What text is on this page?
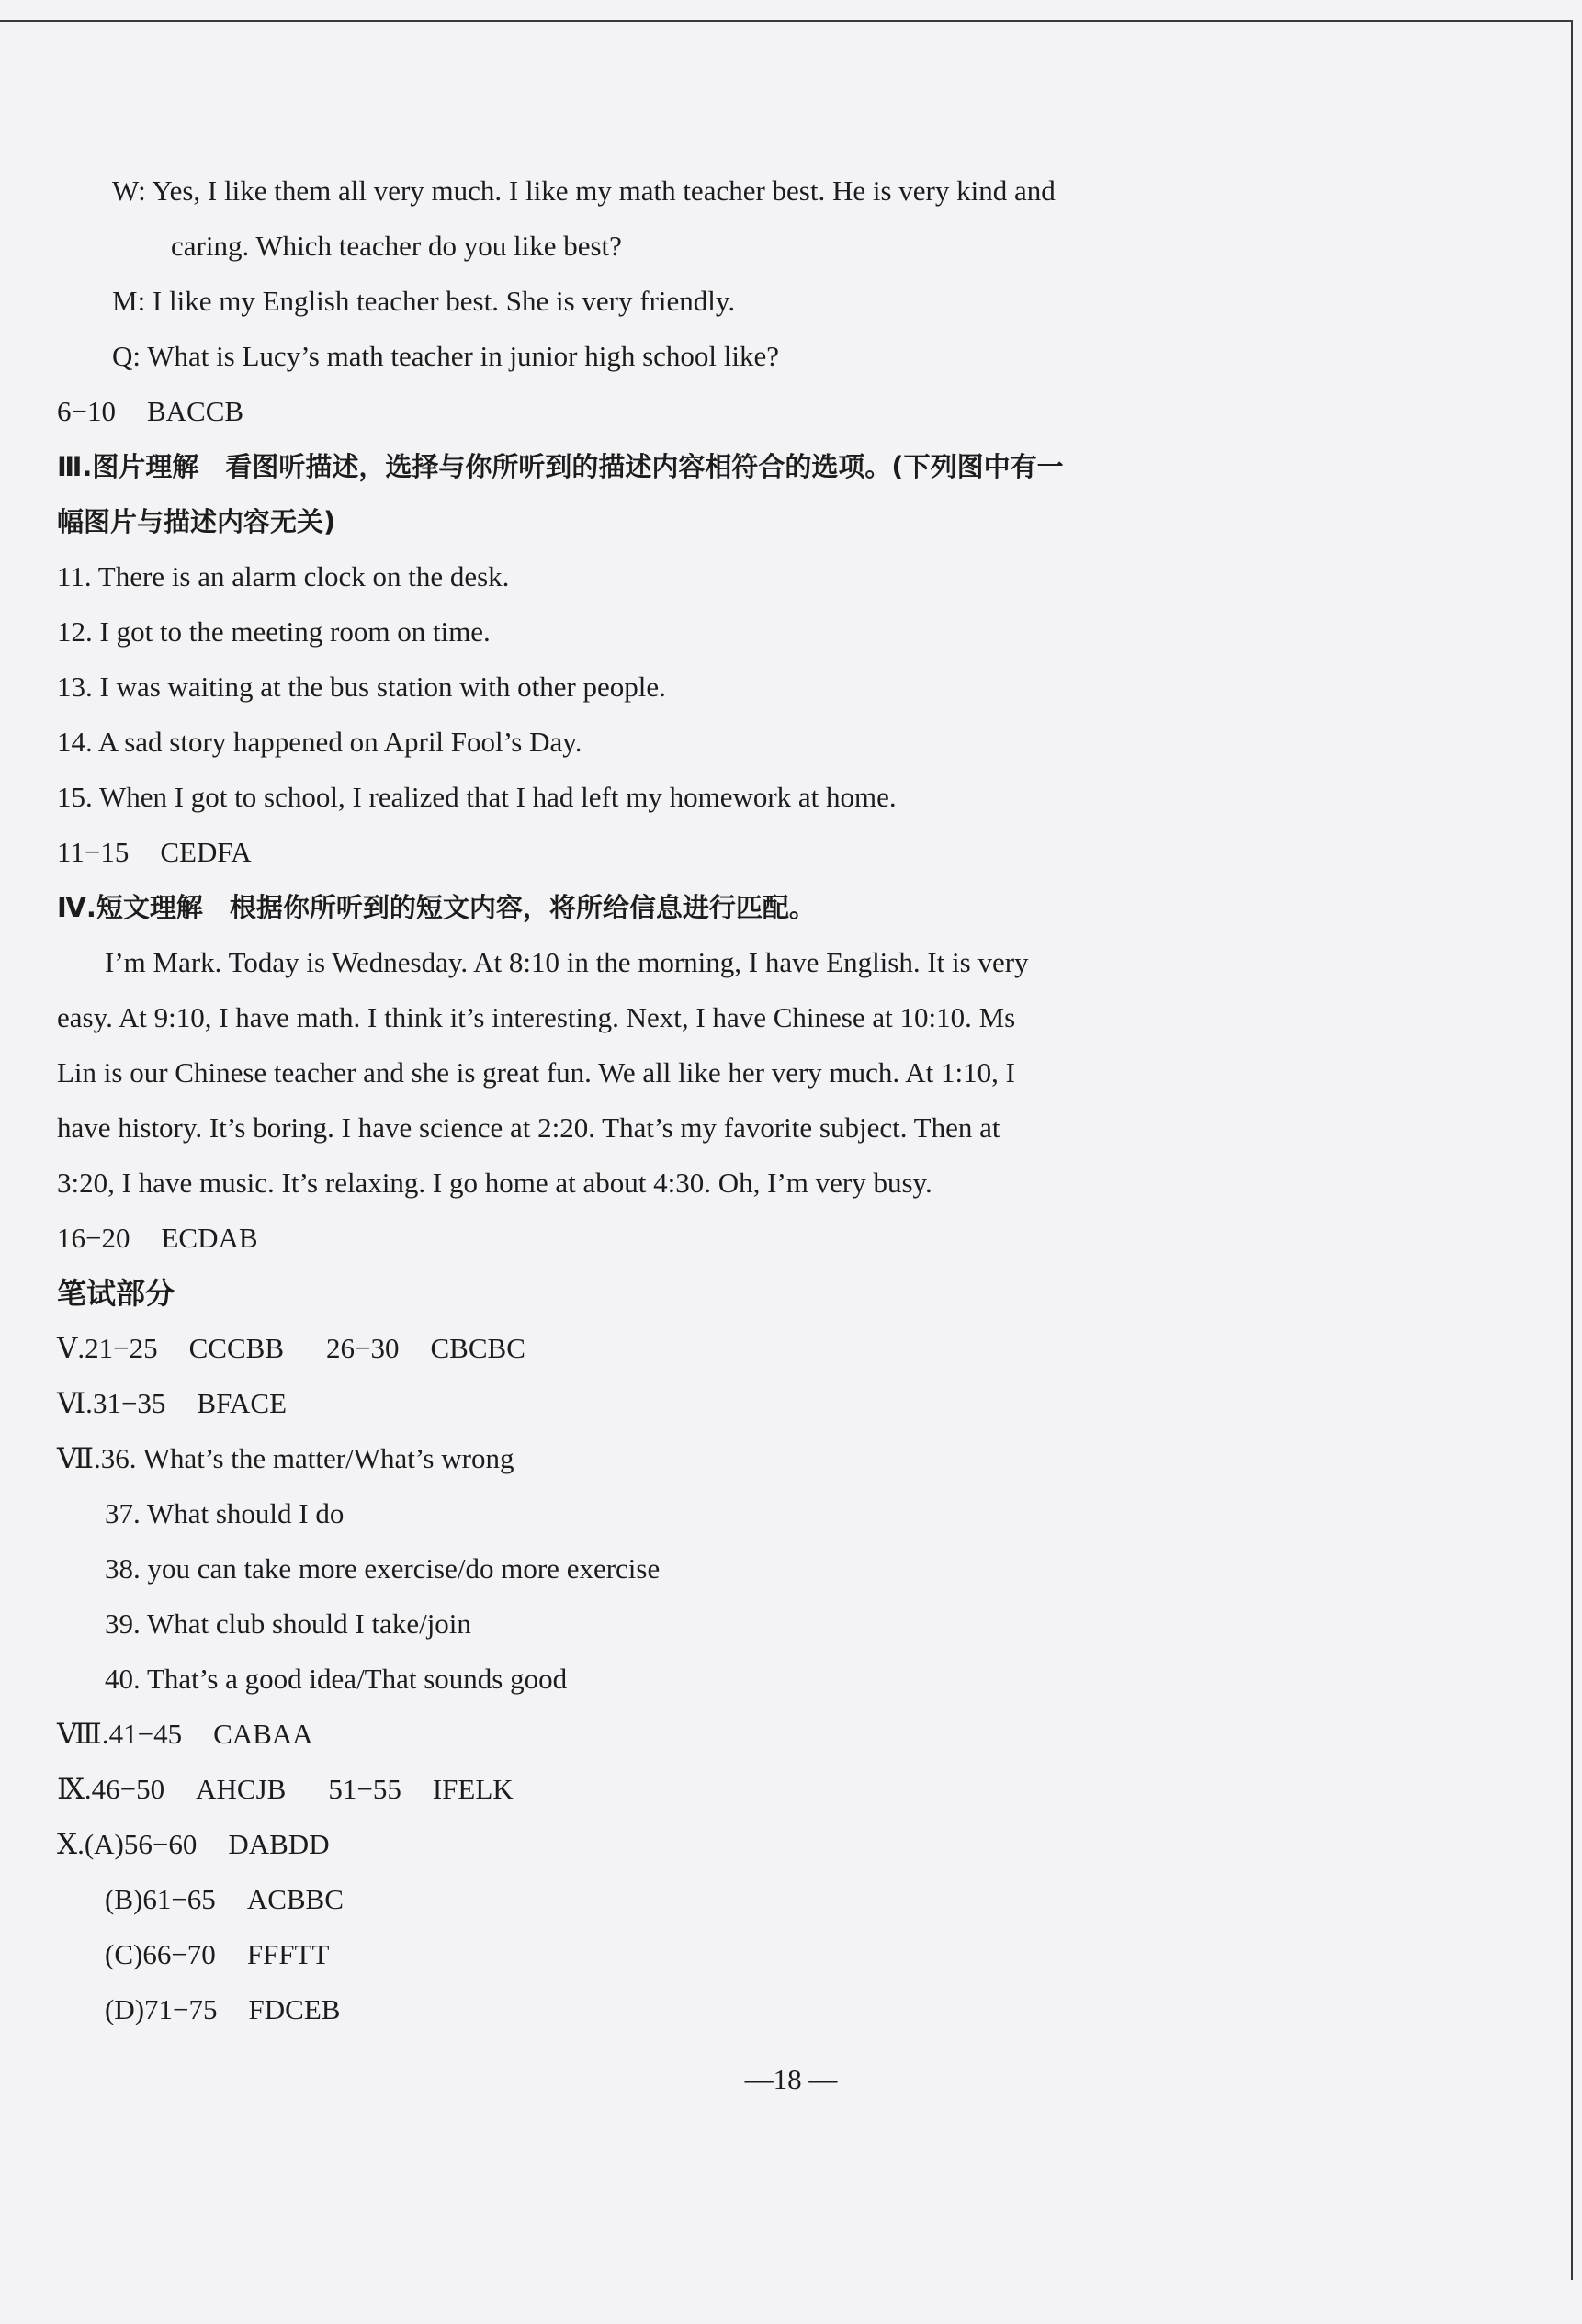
W: Yes, I like them all very much. I like my math teacher best. He is very kind and
caring. Which teacher do you like best?
M: I like my English teacher best. She is very friendly.
Q: What is Lucy’s math teacher in junior high school like?
6−10 BACCB
Ⅲ.图片理解　看图听描述，选择与你所听到的描述内容相符合的选项。(下列图中有一
幅图片与描述内容无关)
11. There is an alarm clock on the desk.
12. I got to the meeting room on time.
13. I was waiting at the bus station with other people.
14. A sad story happened on April Fool’s Day.
15. When I got to school, I realized that I had left my homework at home.
11−15 CEDFA
Ⅳ.短文理解　根据你所听到的短文内容，将所给信息进行匹配。
I’m Mark. Today is Wednesday. At 8:10 in the morning, I have English. It is very
easy. At 9:10, I have math. I think it’s interesting. Next, I have Chinese at 10:10. Ms
Lin is our Chinese teacher and she is great fun. We all like her very much. At 1:10, I
have history. It’s boring. I have science at 2:20. That’s my favorite subject. Then at
3:20, I have music. It’s relaxing. I go home at about 4:30. Oh, I’m very busy.
16−20 ECDAB
笔试部分
Ⅴ.21−25 CCCBB 26−30 CBCBC
Ⅵ.31−35 BFACE
Ⅶ.36. What’s the matter/What’s wrong
37. What should I do
38. you can take more exercise/do more exercise
39. What club should I take/join
40. That’s a good idea/That sounds good
Ⅷ.41−45 CABAA
Ⅸ.46−50 AHCJB 51−55 IFELK
Ⅹ.(A)56−60 DABDD
(B)61−65 ACBBC
(C)66−70 FFFTT
(D)71−75 FDCEB
—18 —
